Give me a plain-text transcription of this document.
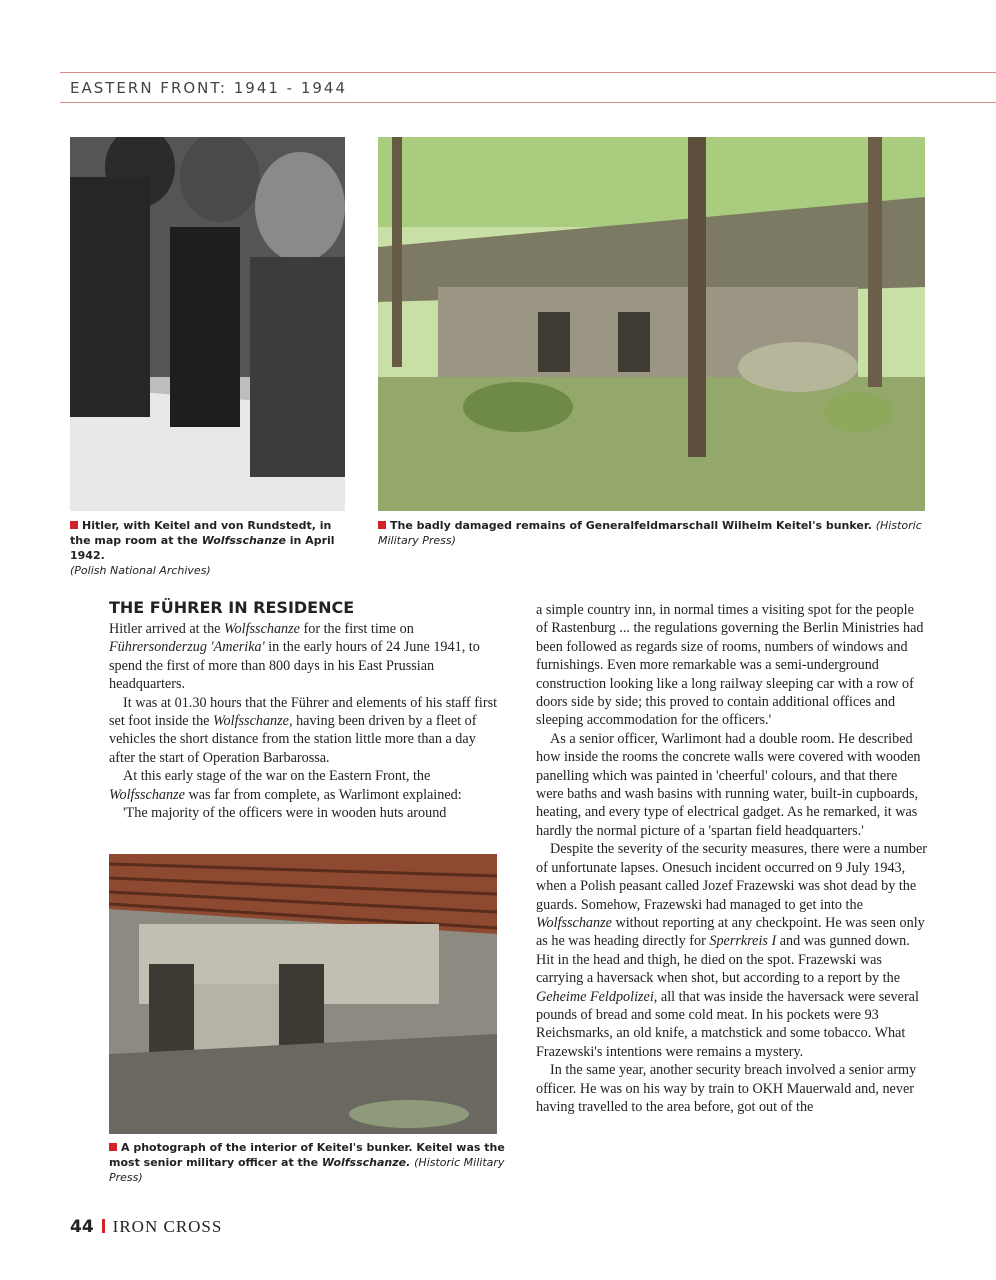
EASTERN FRONT: 1941 - 1944
Hitler, with Keitel and von Rundstedt, in the map room at the Wolfsschanze in April 1942.
(Polish National Archives)
The badly damaged remains of Generalfeldmarschall Wilhelm Keitel's bunker. (Historic Military Press)
THE FÜHRER IN RESIDENCE

Hitler arrived at the Wolfsschanze for the first time on Führersonderzug 'Amerika' in the early hours of 24 June 1941, to spend the first of more than 800 days in his East Prussian headquarters.

It was at 01.30 hours that the Führer and elements of his staff first set foot inside the Wolfsschanze, having been driven by a fleet of vehicles the short distance from the station little more than a day after the start of Operation Barbarossa.

At this early stage of the war on the Eastern Front, the Wolfsschanze was far from complete, as Warlimont explained:

'The majority of the officers were in wooden huts around

A photograph of the interior of Keitel's bunker. Keitel was the most senior military officer at the Wolfsschanze. (Historic Military Press)

a simple country inn, in normal times a visiting spot for the people of Rastenburg ... the regulations governing the Berlin Ministries had been followed as regards size of rooms, numbers of windows and furnishings. Even more remarkable was a semi-underground construction looking like a long railway sleeping car with a row of doors side by side; this proved to contain additional offices and sleeping accommodation for the officers.'

As a senior officer, Warlimont had a double room. He described how inside the rooms the concrete walls were covered with wooden panelling which was painted in 'cheerful' colours, and that there were baths and wash basins with running water, built-in cupboards, heating, and every type of electrical gadget. As he remarked, it was hardly the normal picture of a 'spartan field headquarters.'

Despite the severity of the security measures, there were a number of unfortunate lapses. Onesuch incident occurred on 9 July 1943, when a Polish peasant called Jozef Frazewski was shot dead by the guards. Somehow, Frazewski had managed to get into the Wolfsschanze without reporting at any checkpoint. He was seen only as he was heading directly for Sperrkreis I and was gunned down. Hit in the head and thigh, he died on the spot. Frazewski was carrying a haversack when shot, but according to a report by the Geheime Feldpolizei, all that was inside the haversack were several pounds of bread and some cold meat. In his pockets were 93 Reichsmarks, an old knife, a matchstick and some tobacco. What Frazewski's intentions were remains a mystery.

In the same year, another security breach involved a senior army officer. He was on his way by train to OKH Mauerwald and, never having travelled to the area before, got out of the

44 IRON CROSS
